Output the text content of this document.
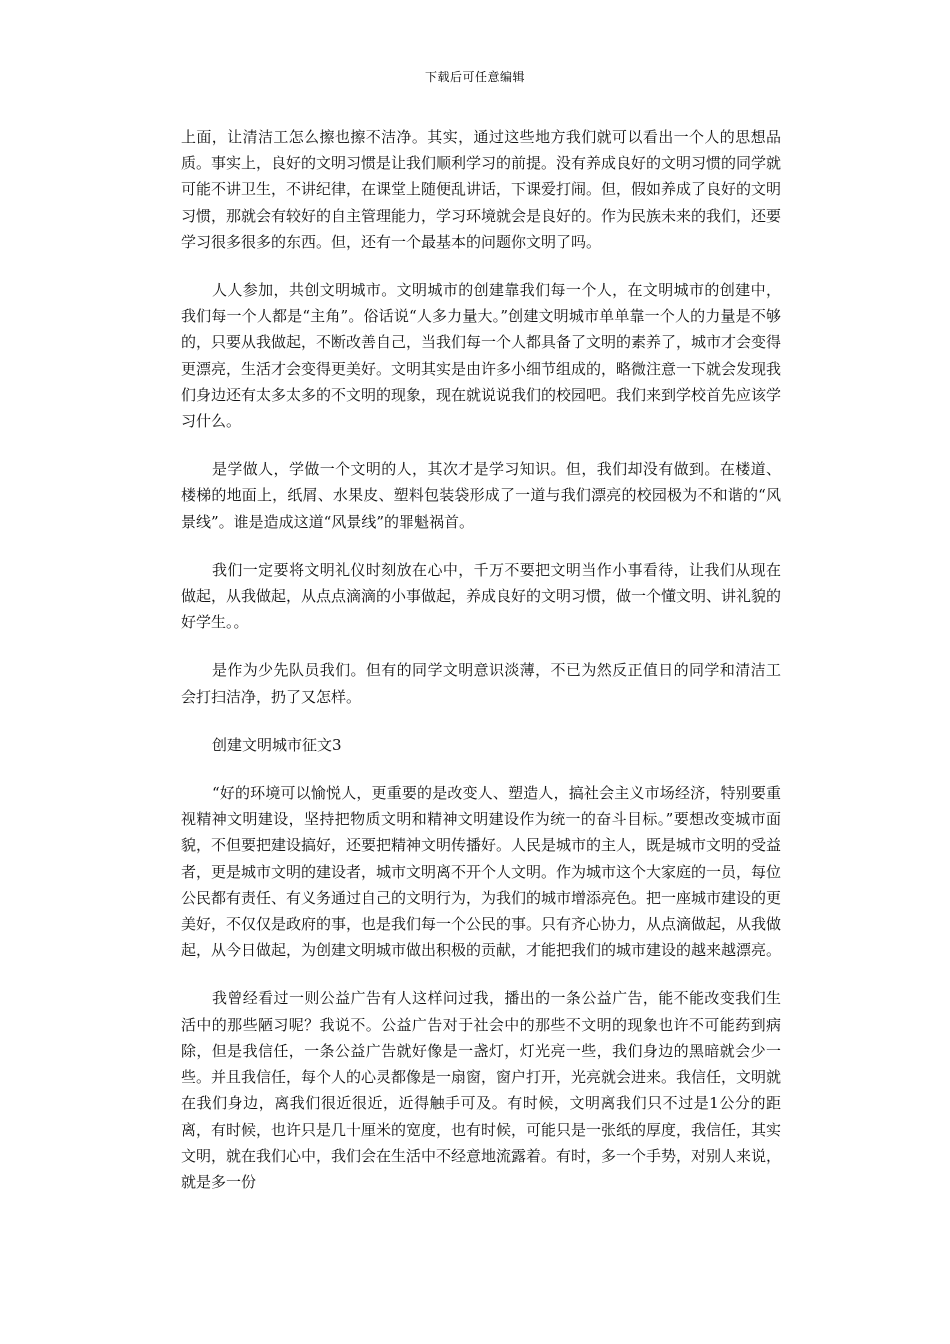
下载后可任意编辑

上面，让清洁工怎么擦也擦不洁净。其实，通过这些地方我们就可以看出一个人的思想品质。事实上，良好的文明习惯是让我们顺利学习的前提。没有养成良好的文明习惯的同学就可能不讲卫生，不讲纪律，在课堂上随便乱讲话，下课爱打闹。但，假如养成了良好的文明习惯，那就会有较好的自主管理能力，学习环境就会是良好的。作为民族未来的我们，还要学习很多很多的东西。但，还有一个最基本的问题你文明了吗。

人人参加，共创文明城市。文明城市的创建靠我们每一个人，在文明城市的创建中，我们每一个人都是“主角”。俗话说“人多力量大。”创建文明城市单单靠一个人的力量是不够的，只要从我做起，不断改善自己，当我们每一个人都具备了文明的素养了，城市才会变得更漂亮，生活才会变得更美好。文明其实是由许多小细节组成的，略微注意一下就会发现我们身边还有太多太多的不文明的现象，现在就说说我们的校园吧。我们来到学校首先应该学习什么。

是学做人，学做一个文明的人，其次才是学习知识。但，我们却没有做到。在楼道、楼梯的地面上，纸屑、水果皮、塑料包装袋形成了一道与我们漂亮的校园极为不和谐的“风景线”。谁是造成这道“风景线”的罪魁祸首。

我们一定要将文明礼仪时刻放在心中，千万不要把文明当作小事看待，让我们从现在做起，从我做起，从点点滴滴的小事做起，养成良好的文明习惯，做一个懂文明、讲礼貌的好学生。。

是作为少先队员我们。但有的同学文明意识淡薄，不已为然反正值日的同学和清洁工会打扫洁净，扔了又怎样。

创建文明城市征文3

“好的环境可以愉悦人，更重要的是改变人、塑造人，搞社会主义市场经济，特别要重视精神文明建设，坚持把物质文明和精神文明建设作为统一的奋斗目标。”要想改变城市面貌，不但要把建设搞好，还要把精神文明传播好。人民是城市的主人，既是城市文明的受益者，更是城市文明的建设者，城市文明离不开个人文明。作为城市这个大家庭的一员，每位公民都有责任、有义务通过自己的文明行为，为我们的城市增添亮色。把一座城市建设的更美好，不仅仅是政府的事，也是我们每一个公民的事。只有齐心协力，从点滴做起，从我做起，从今日做起，为创建文明城市做出积极的贡献，才能把我们的城市建设的越来越漂亮。

我曾经看过一则公益广告有人这样问过我，播出的一条公益广告，能不能改变我们生活中的那些陋习呢？我说不。公益广告对于社会中的那些不文明的现象也许不可能药到病除，但是我信任，一条公益广告就好像是一盏灯，灯光亮一些，我们身边的黑暗就会少一些。并且我信任，每个人的心灵都像是一扇窗，窗户打开，光亮就会进来。我信任，文明就在我们身边，离我们很近很近，近得触手可及。有时候，文明离我们只不过是1公分的距离，有时候，也许只是几十厘米的宽度，也有时候，可能只是一张纸的厚度，我信任，其实文明，就在我们心中，我们会在生活中不经意地流露着。有时，多一个手势，对别人来说，就是多一份
